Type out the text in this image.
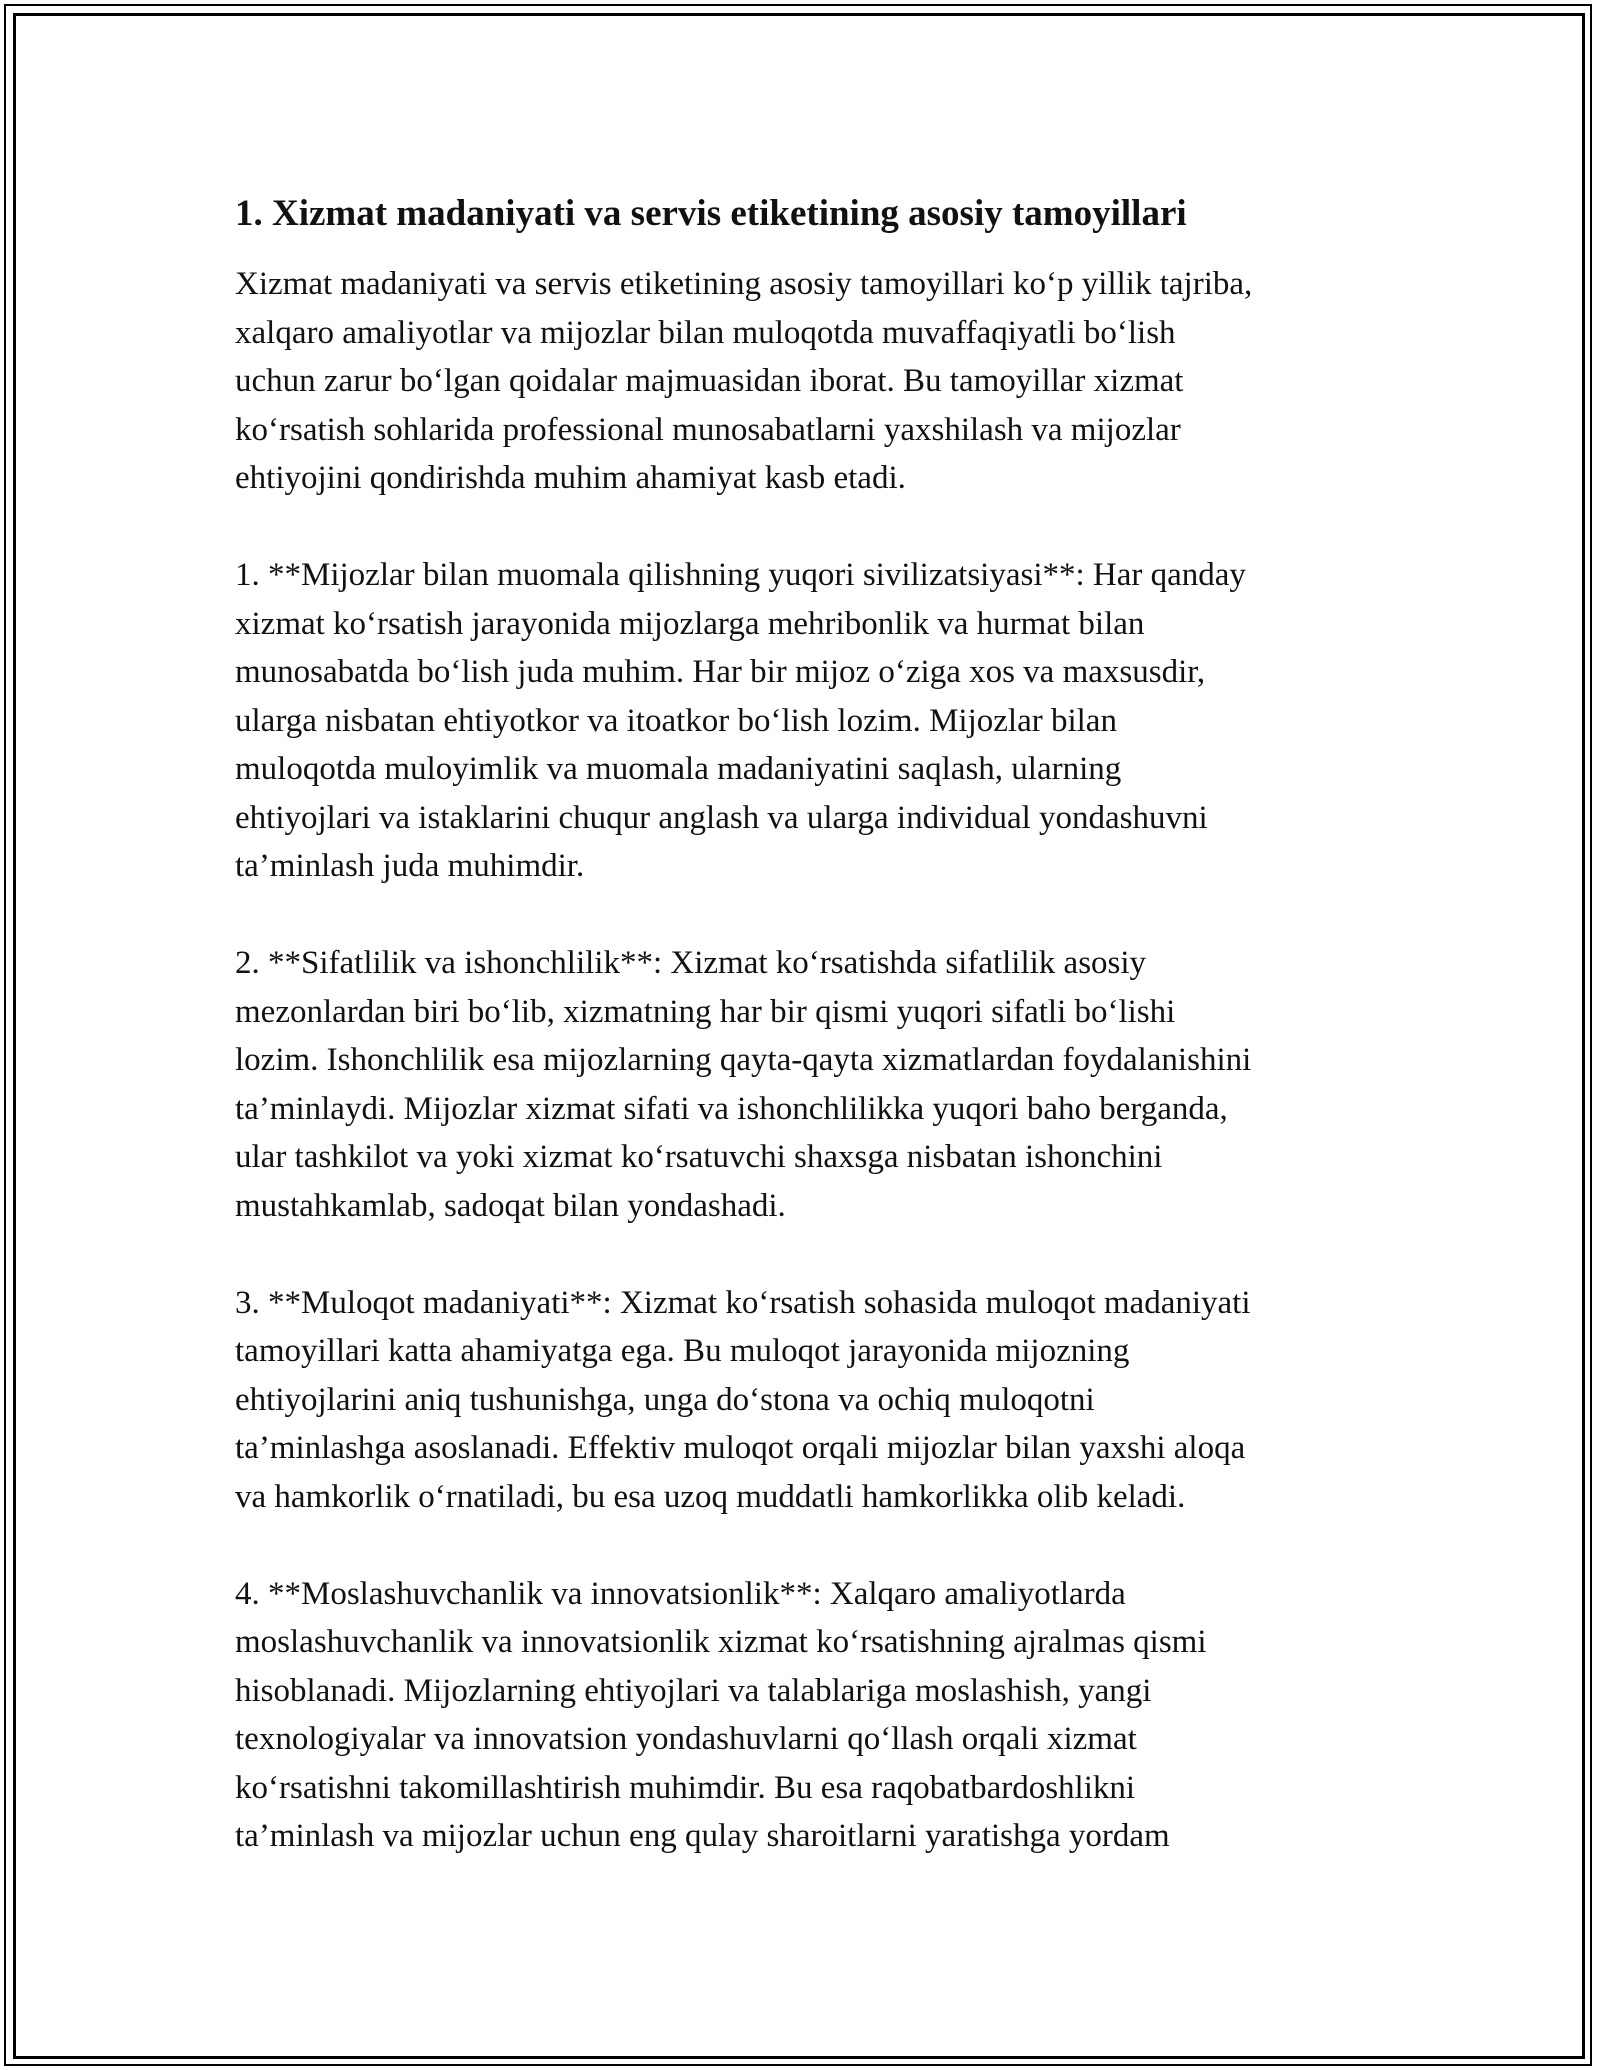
1. Xizmat madaniyati va servis etiketining asosiy tamoyillari

Xizmat madaniyati va servis etiketining asosiy tamoyillari koʻp yillik tajriba,
xalqaro amaliyotlar va mijozlar bilan muloqotda muvaffaqiyatli boʻlish
uchun zarur boʻlgan qoidalar majmuasidan iborat. Bu tamoyillar xizmat
koʻrsatish sohlarida professional munosabatlarni yaxshilash va mijozlar
ehtiyojini qondirishda muhim ahamiyat kasb etadi.

1. **Mijozlar bilan muomala qilishning yuqori sivilizatsiyasi**: Har qanday
xizmat koʻrsatish jarayonida mijozlarga mehribonlik va hurmat bilan
munosabatda boʻlish juda muhim. Har bir mijoz oʻziga xos va maxsusdir,
ularga nisbatan ehtiyotkor va itoatkor boʻlish lozim. Mijozlar bilan
muloqotda muloyimlik va muomala madaniyatini saqlash, ularning
ehtiyojlari va istaklarini chuqur anglash va ularga individual yondashuvni
ta’minlash juda muhimdir.

2. **Sifatlilik va ishonchlilik**: Xizmat koʻrsatishda sifatlilik asosiy
mezonlardan biri boʻlib, xizmatning har bir qismi yuqori sifatli boʻlishi
lozim. Ishonchlilik esa mijozlarning qayta-qayta xizmatlardan foydalanishini
ta’minlaydi. Mijozlar xizmat sifati va ishonchlilikka yuqori baho berganda,
ular tashkilot va yoki xizmat koʻrsatuvchi shaxsga nisbatan ishonchini
mustahkamlab, sadoqat bilan yondashadi.

3. **Muloqot madaniyati**: Xizmat koʻrsatish sohasida muloqot madaniyati
tamoyillari katta ahamiyatga ega. Bu muloqot jarayonida mijozning
ehtiyojlarini aniq tushunishga, unga doʻstona va ochiq muloqotni
ta’minlashga asoslanadi. Effektiv muloqot orqali mijozlar bilan yaxshi aloqa
va hamkorlik oʻrnatiladi, bu esa uzoq muddatli hamkorlikka olib keladi.

4. **Moslashuvchanlik va innovatsionlik**: Xalqaro amaliyotlarda
moslashuvchanlik va innovatsionlik xizmat koʻrsatishning ajralmas qismi
hisoblanadi. Mijozlarning ehtiyojlari va talablariga moslashish, yangi
texnologiyalar va innovatsion yondashuvlarni qoʻllash orqali xizmat
koʻrsatishni takomillashtirish muhimdir. Bu esa raqobatbardoshlikni
ta’minlash va mijozlar uchun eng qulay sharoitlarni yaratishga yordam
